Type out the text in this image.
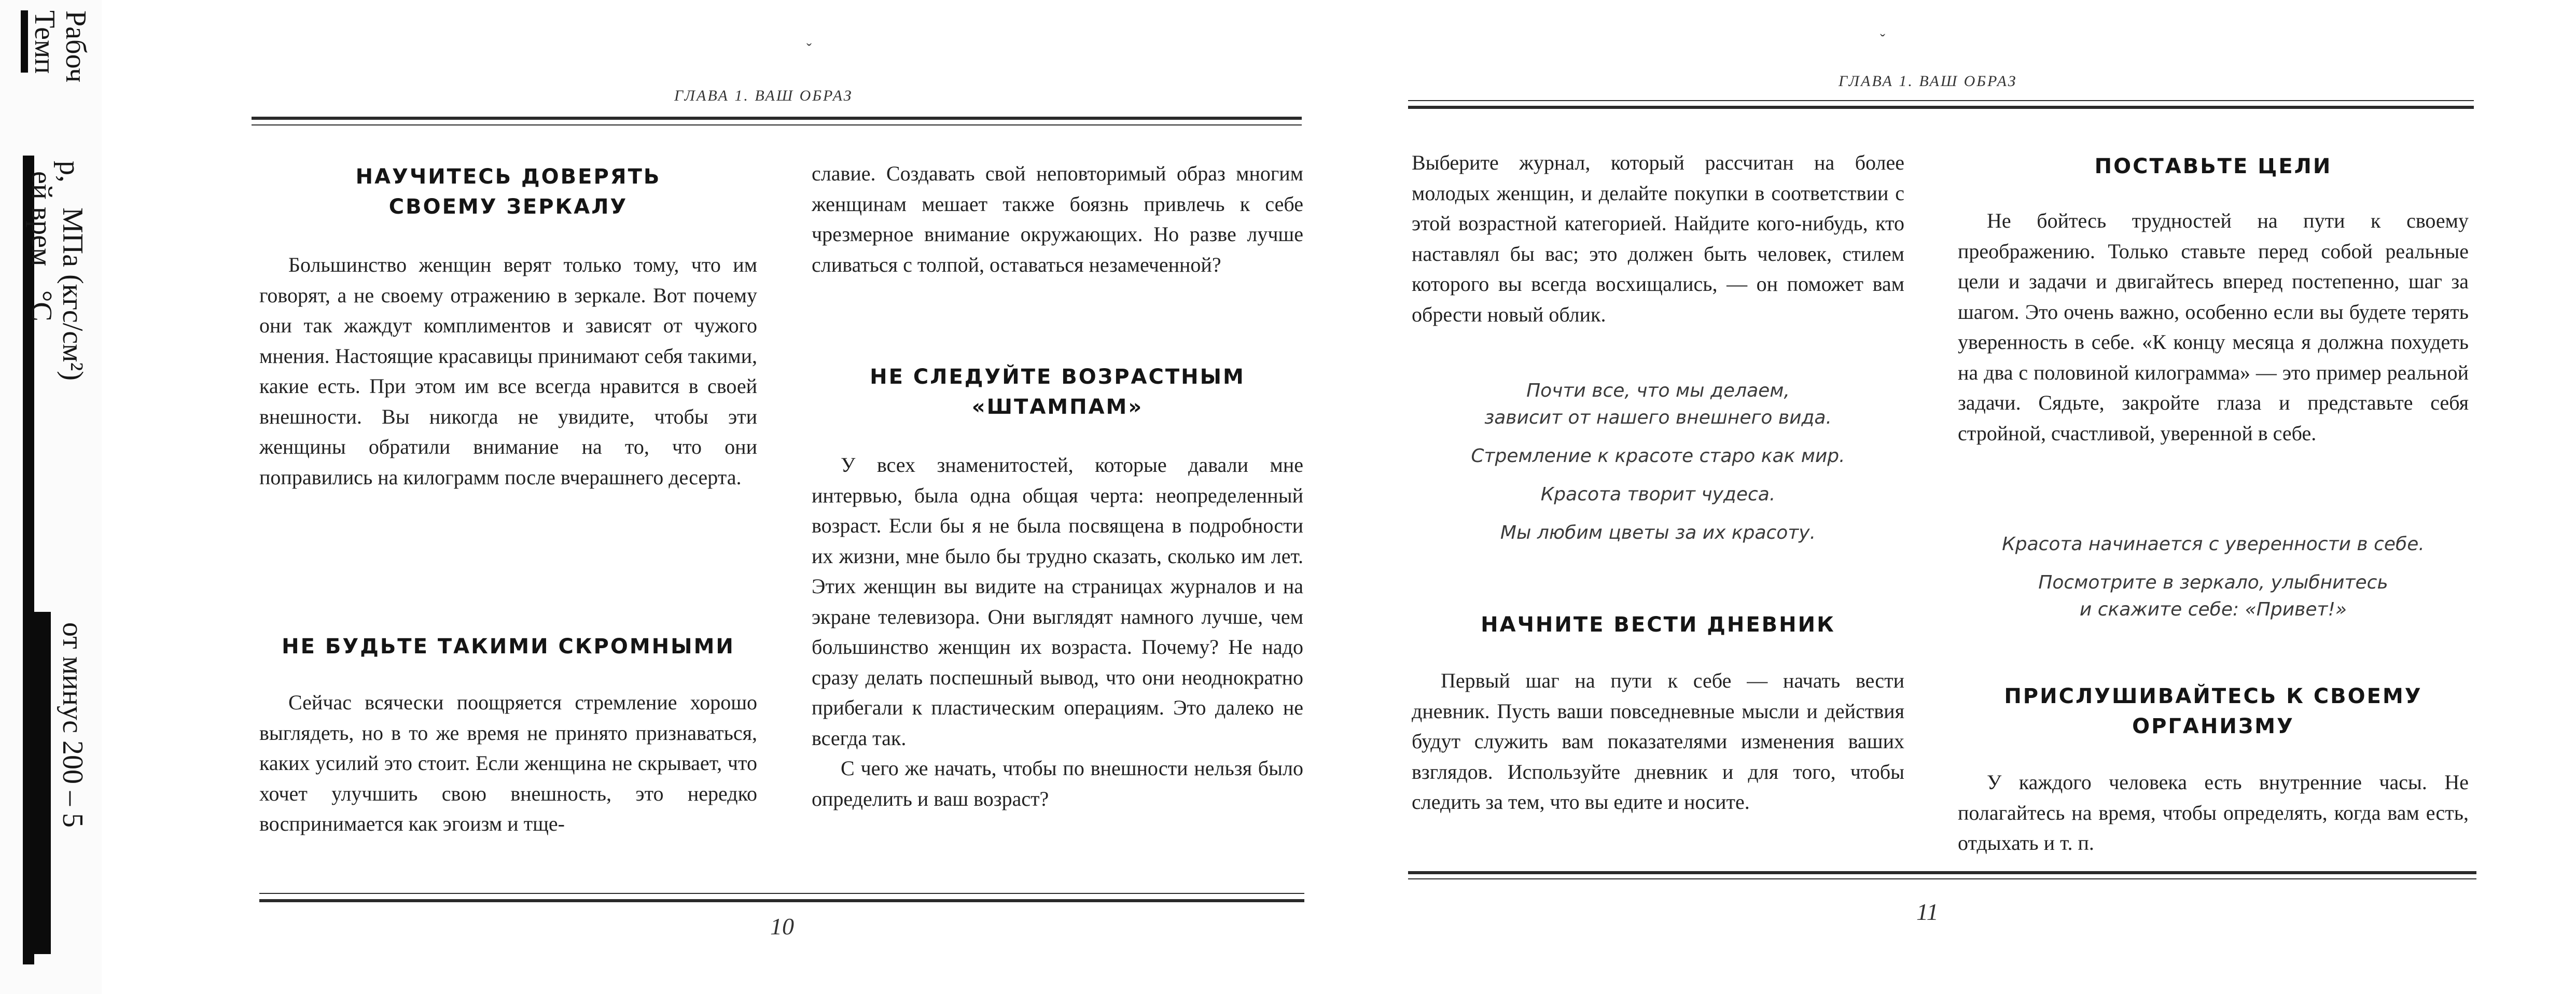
Темп
Рабоч
р,
МПа (кгс/см²)
ей врем
°С
от минус 200 – 5
ˇ
ГЛАВА 1. ВАШ ОБРАЗ
НАУЧИТЕСЬ ДОВЕРЯТЬ
СВОЕМУ ЗЕРКАЛУ

Большинство женщин верят только тому, что им говорят, а не своему отражению в зеркале. Вот почему они так жаждут комплиментов и зависят от чужого мнения. Настоящие красавицы принимают себя такими, какие есть. При этом им все всегда нравится в своей внешности. Вы никогда не увидите, чтобы эти женщины обратили внимание на то, что они поправились на килограмм после вчерашнего десерта.

НЕ БУДЬТЕ ТАКИМИ СКРОМНЫМИ

Сейчас всячески поощряется стремление хорошо выглядеть, но в то же время не принято признаваться, каких усилий это стоит. Если женщина не скрывает, что хочет улучшить свою внешность, это нередко воспринимается как эгоизм и тще-

славие. Создавать свой неповторимый образ многим женщинам мешает также боязнь привлечь к себе чрезмерное внимание окружающих. Но разве лучше сливаться с толпой, оставаться незамеченной?

НЕ СЛЕДУЙТЕ ВОЗРАСТНЫМ
«ШТАМПАМ»

У всех знаменитостей, которые давали мне интервью, была одна общая черта: неопределенный возраст. Если бы я не была посвящена в подробности их жизни, мне было бы трудно сказать, сколько им лет. Этих женщин вы видите на страницах журналов и на экране телевизора. Они выглядят намного лучше, чем большинство женщин их возраста. Почему? Не надо сразу делать поспешный вывод, что они неоднократно прибегали к пластическим операциям. Это далеко не всегда так.

С чего же начать, чтобы по внешности нельзя было определить и ваш возраст?

10
ˇ
ГЛАВА 1. ВАШ ОБРАЗ

Выберите журнал, который рассчитан на более молодых женщин, и делайте покупки в соответствии с этой возрастной категорией. Найдите кого-нибудь, кто наставлял бы вас; это должен быть человек, стилем которого вы всегда восхищались, — он поможет вам обрести новый облик.

Почти все, что мы делаем,
зависит от нашего внешнего вида.
Стремление к красоте старо как мир.
Красота творит чудеса.
Мы любим цветы за их красоту.
НАЧНИТЕ ВЕСТИ ДНЕВНИК

Первый шаг на пути к себе — начать вести дневник. Пусть ваши повседневные мысли и действия будут служить вам показателями изменения ваших взглядов. Используйте дневник и для того, чтобы следить за тем, что вы едите и носите.

ПОСТАВЬТЕ ЦЕЛИ

Не бойтесь трудностей на пути к своему преображению. Только ставьте перед собой реальные цели и задачи и двигайтесь вперед постепенно, шаг за шагом. Это очень важно, особенно если вы будете терять уверенность в себе. «К концу месяца я должна похудеть на два с половиной килограмма» — это пример реальной задачи. Сядьте, закройте глаза и представьте себя стройной, счастливой, уверенной в себе.

Красота начинается с уверенности в себе.
Посмотрите в зеркало, улыбнитесь
и скажите себе: «Привет!»
ПРИСЛУШИВАЙТЕСЬ К СВОЕМУ
ОРГАНИЗМУ

У каждого человека есть внутренние часы. Не полагайтесь на время, чтобы определять, когда вам есть, отдыхать и т. п.

11
